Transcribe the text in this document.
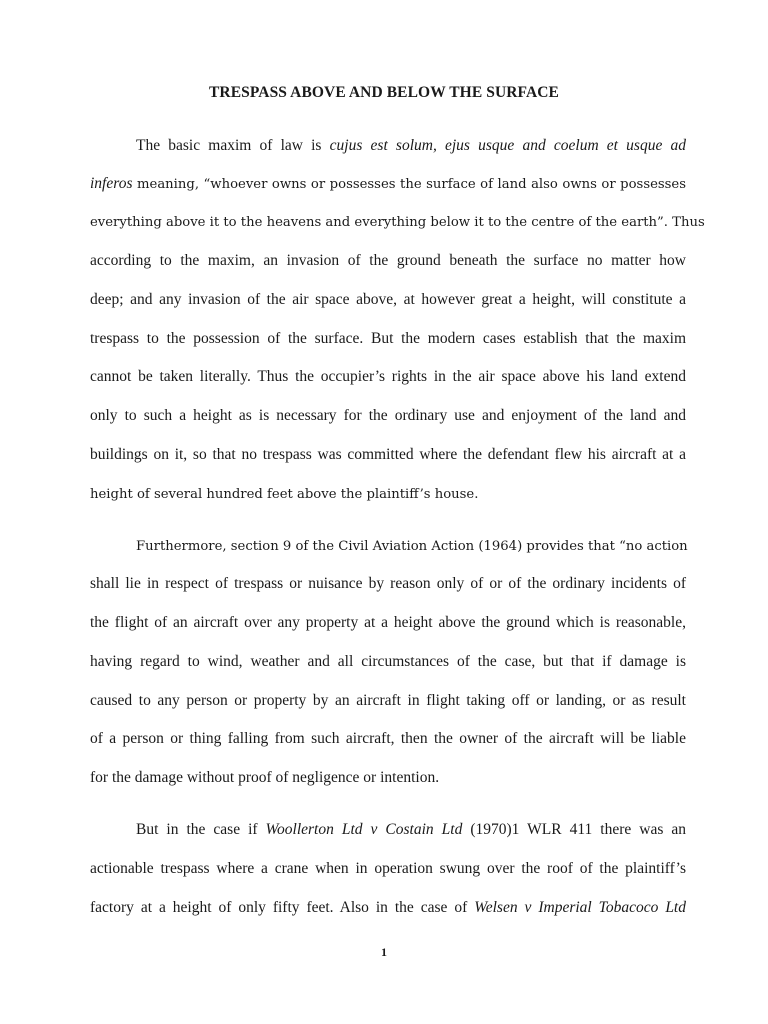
TRESPASS ABOVE AND BELOW THE SURFACE
The basic maxim of law is cujus est solum, ejus usque and coelum et usque ad
inferos meaning, “whoever owns or possesses the surface of land also owns or possesses
everything above it to the heavens and everything below it to the centre of the earth”. Thus
according to the maxim, an invasion of the ground beneath the surface no matter how
deep; and any invasion of the air space above, at however great a height, will constitute a
trespass to the possession of the surface. But the modern cases establish that the maxim
cannot be taken literally. Thus the occupier’s rights in the air space above his land extend
only to such a height as is necessary for the ordinary use and enjoyment of the land and
buildings on it, so that no trespass was committed where the defendant flew his aircraft at a
height of several hundred feet above the plaintiff’s house.
Furthermore, section 9 of the Civil Aviation Action (1964) provides that “no action
shall lie in respect of trespass or nuisance by reason only of or of the ordinary incidents of
the flight of an aircraft over any property at a height above the ground which is reasonable,
having regard to wind, weather and all circumstances of the case, but that if damage is
caused to any person or property by an aircraft in flight taking off or landing, or as result
of a person or thing falling from such aircraft, then the owner of the aircraft will be liable
for the damage without proof of negligence or intention.
But in the case if Woollerton Ltd v Costain Ltd (1970)1 WLR 411 there was an
actionable trespass where a crane when in operation swung over the roof of the plaintiff’s
factory at a height of only fifty feet. Also in the case of Welsen v Imperial Tobacoco Ltd
1
